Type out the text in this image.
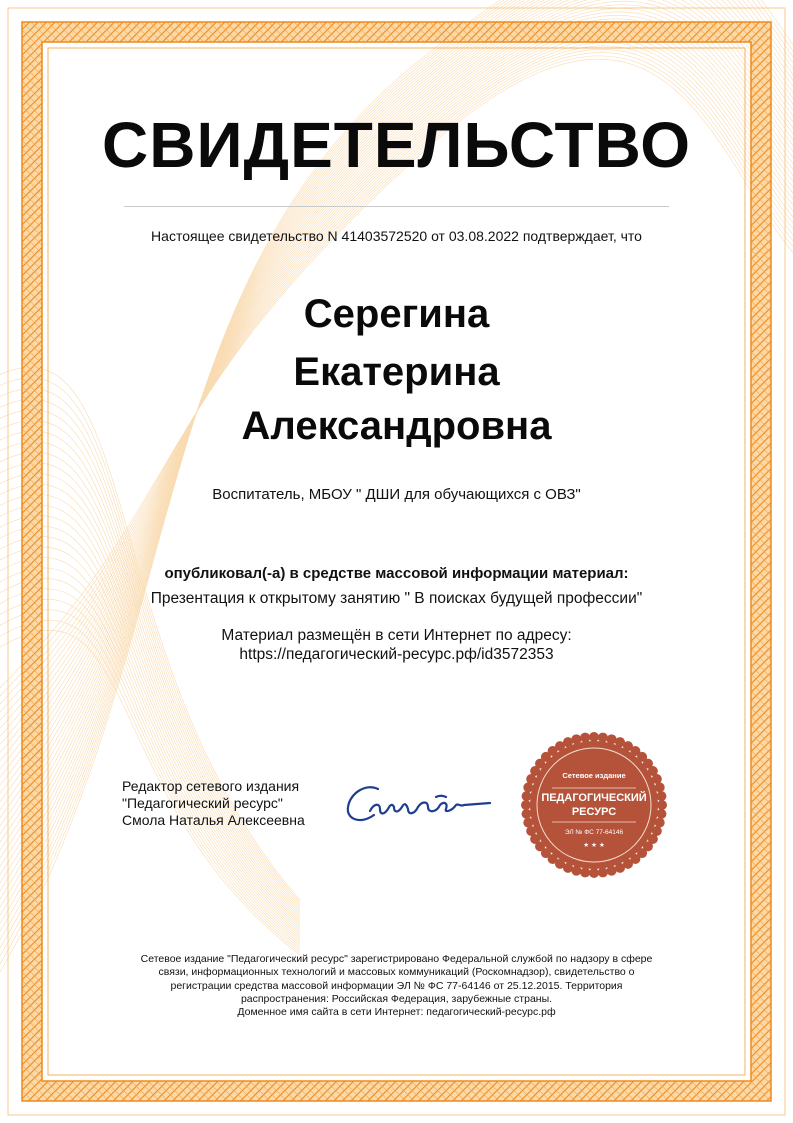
СВИДЕТЕЛЬСТВО
Настоящее свидетельство N 41403572520 от 03.08.2022 подтверждает, что
Серегина
Екатерина
Александровна
Воспитатель, МБОУ " ДШИ для обучающихся с ОВЗ"
опубликовал(-а) в средстве массовой информации материал:
Презентация к открытому занятию " В поисках будущей профессии"
Материал размещён в сети Интернет по адресу:
https://педагогический-ресурс.рф/id3572353
Редактор сетевого издания
"Педагогический ресурс"
Смола Наталья Алексеевна
Сетевое издание
ПЕДАГОГИЧЕСКИЙ
РЕСУРС
ЭЛ № ФС 77-64146
★ ★ ★
Сетевое издание "Педагогический ресурс" зарегистрировано Федеральной службой по надзору в сфере
связи, информационных технологий и массовых коммуникаций (Роскомнадзор), свидетельство о
регистрации средства массовой информации ЭЛ № ФС 77-64146 от 25.12.2015. Территория
распространения: Российская Федерация, зарубежные страны.
Доменное имя сайта в сети Интернет: педагогический-ресурс.рф
